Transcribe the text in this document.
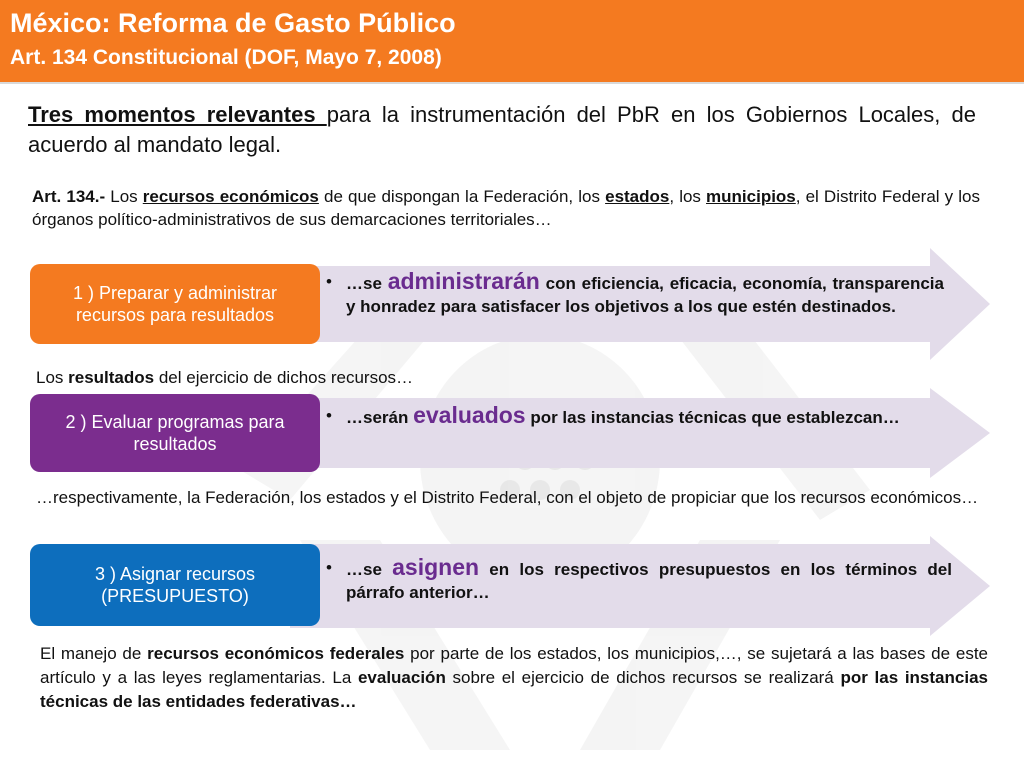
México: Reforma de Gasto Público
Art. 134 Constitucional (DOF, Mayo 7, 2008)
Tres momentos relevantes para la instrumentación del PbR en los Gobiernos Locales, de acuerdo al mandato legal.
Art. 134.- Los recursos económicos de que dispongan la Federación, los estados, los municipios, el Distrito Federal y los órganos político-administrativos de sus demarcaciones territoriales…
1 ) Preparar y administrar recursos para resultados
• …se administrarán con eficiencia, eficacia, economía, transparencia y honradez para satisfacer los objetivos a los que estén destinados.
Los resultados del ejercicio de dichos recursos…
2 ) Evaluar programas para resultados
• …serán evaluados por las instancias técnicas que establezcan…
…respectivamente, la Federación, los estados y el Distrito Federal, con el objeto de propiciar que los recursos económicos…
3 ) Asignar recursos (PRESUPUESTO)
• …se asignen en los respectivos presupuestos en los términos del párrafo anterior…
El manejo de recursos económicos federales por parte de los estados, los municipios,…, se sujetará a las bases de este artículo y a las leyes reglamentarias. La evaluación sobre el ejercicio de dichos recursos se realizará por las instancias técnicas de las entidades federativas…
